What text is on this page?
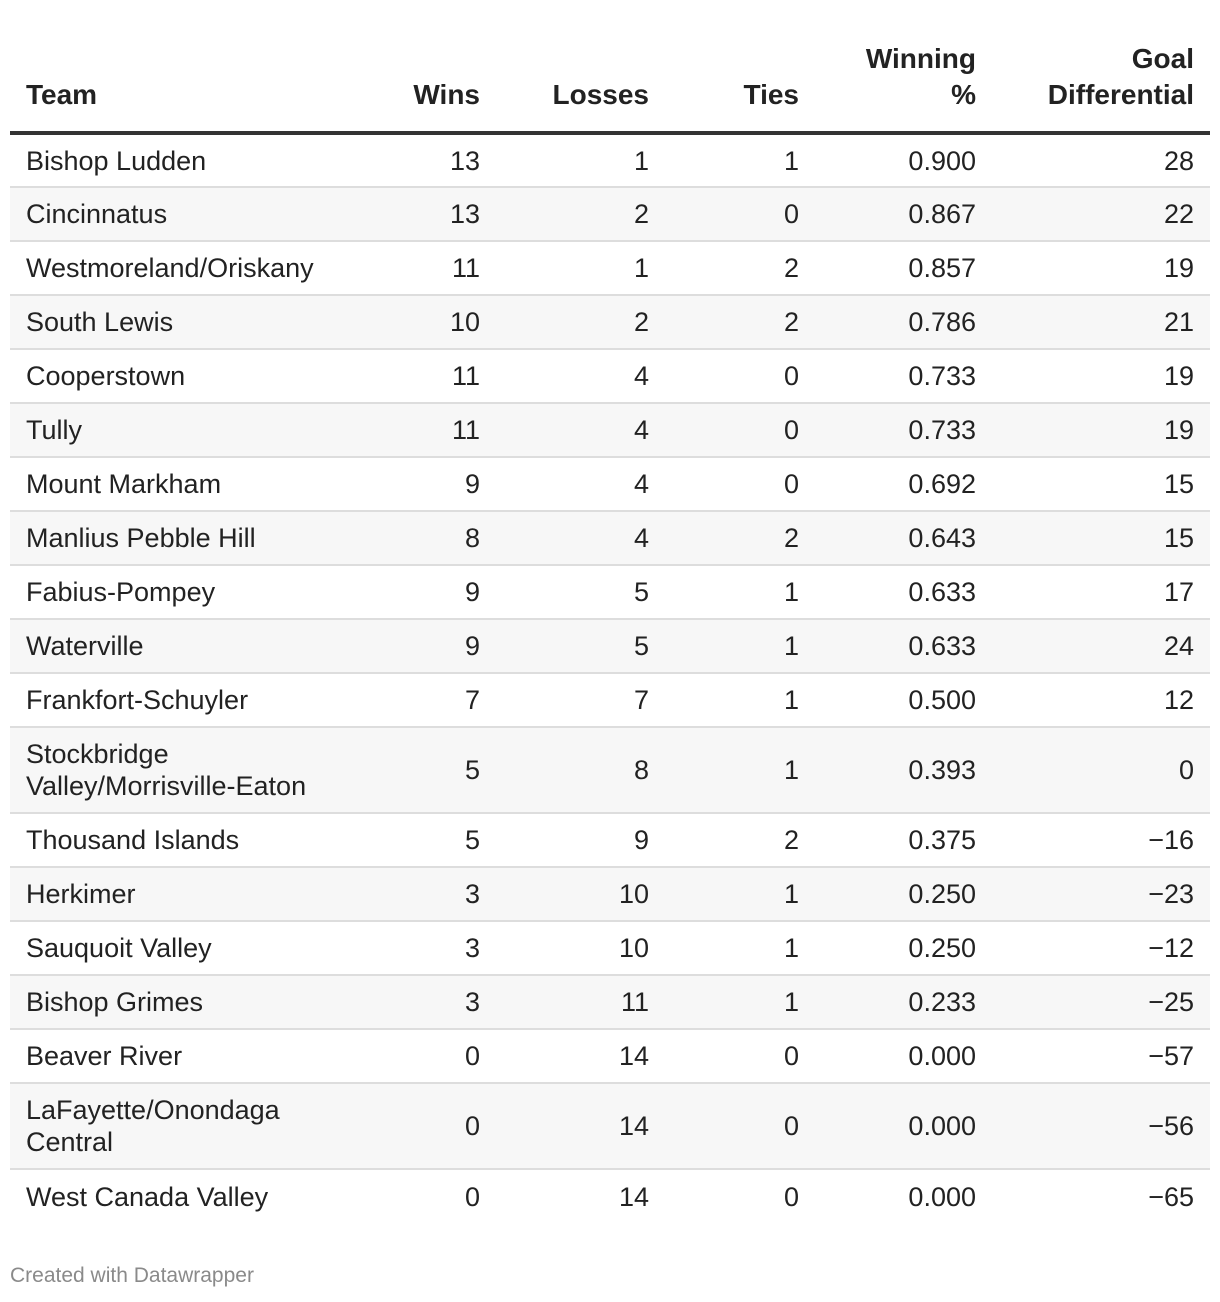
Team	Wins	Losses	Ties	Winning %	Goal Differential
Bishop Ludden	13	1	1	0.900	28
Cincinnatus	13	2	0	0.867	22
Westmoreland/Oriskany	11	1	2	0.857	19
South Lewis	10	2	2	0.786	21
Cooperstown	11	4	0	0.733	19
Tully	11	4	0	0.733	19
Mount Markham	9	4	0	0.692	15
Manlius Pebble Hill	8	4	2	0.643	15
Fabius-Pompey	9	5	1	0.633	17
Waterville	9	5	1	0.633	24
Frankfort-Schuyler	7	7	1	0.500	12
Stockbridge Valley/Morrisville-Eaton	5	8	1	0.393	0
Thousand Islands	5	9	2	0.375	−16
Herkimer	3	10	1	0.250	−23
Sauquoit Valley	3	10	1	0.250	−12
Bishop Grimes	3	11	1	0.233	−25
Beaver River	0	14	0	0.000	−57
LaFayette/Onondaga Central	0	14	0	0.000	−56
West Canada Valley	0	14	0	0.000	−65
Created with Datawrapper
